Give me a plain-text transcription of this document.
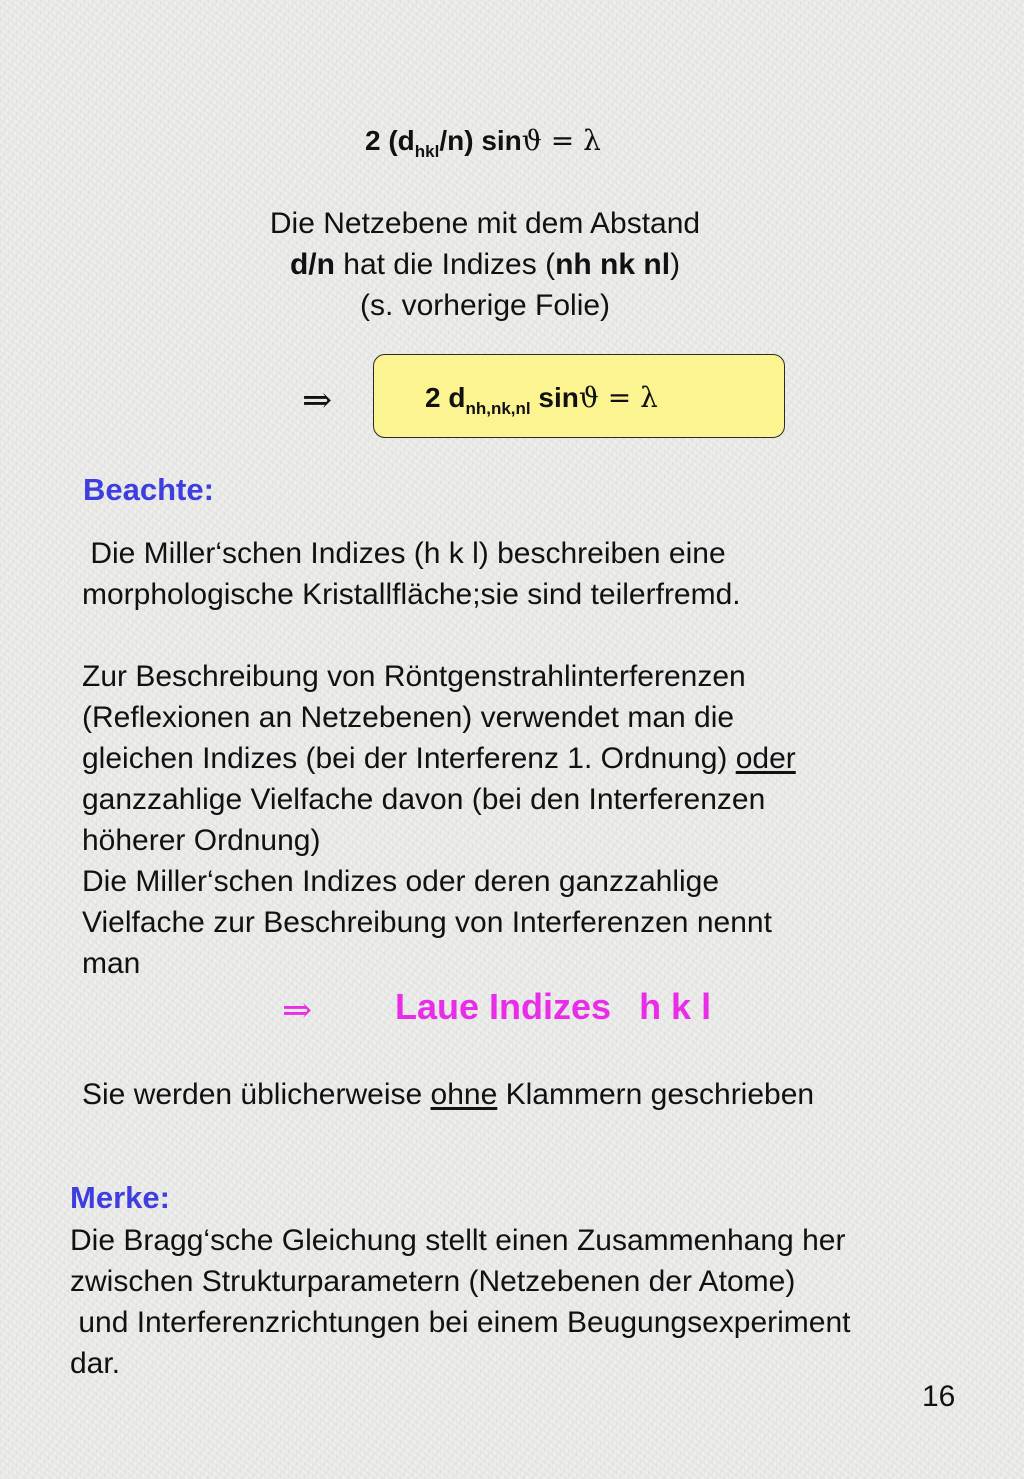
2 $(d_{hkl}/n) \sin ϑ = \lambda$
Die Netzebene mit dem Abstand
d/n hat die Indizes (nh nk nl)
(s. vorherige Folie)
⇒	2 $d_{nh,nk,nl}$ sinϑ = λ
Beachte:
Die Miller‘schen Indizes (h k l) beschreiben eine
morphologische Kristallfläche;sie sind teilerfremd.
Zur Beschreibung von Röntgenstrahlinterferenzen
(Reflexionen an Netzebenen) verwendet man die
gleichen Indizes (bei der Interferenz 1. Ordnung) oder
ganzzahlige Vielfache davon (bei den Interferenzen
höherer Ordnung)
Die Miller‘schen Indizes oder deren ganzzahlige
Vielfache zur Beschreibung von Interferenzen nennt
man
⇒ Laue Indizes h k l
Sie werden üblicherweise ohne Klammern geschrieben
Merke:
Die Bragg‘sche Gleichung stellt einen Zusammenhang her
zwischen Strukturparametern (Netzebenen der Atome)
und Interferenzrichtungen bei einem Beugungsexperiment
dar.
16
